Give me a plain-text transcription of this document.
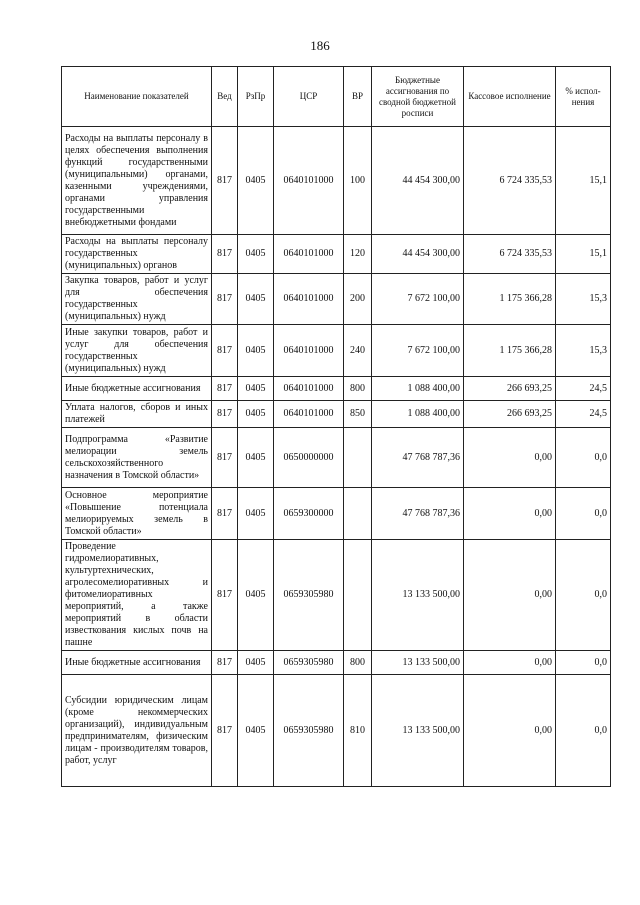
186
Наименование показателей	Вед	РзПр	ЦСР	ВР	Бюджетные ассигнования по сводной бюджетной росписи	Кассовое исполнение	% испол-нения
Расходы на выплаты персоналу в целях обеспечения выполнения функций государственными (муниципальными) органами, казенными учреждениями, органами управления государственными внебюджетными фондами	817	0405	0640101000	100	44 454 300,00	6 724 335,53	15,1
Расходы на выплаты персоналу государственных (муниципальных) органов	817	0405	0640101000	120	44 454 300,00	6 724 335,53	15,1
Закупка товаров, работ и услуг для обеспечения государственных (муниципальных) нужд	817	0405	0640101000	200	7 672 100,00	1 175 366,28	15,3
Иные закупки товаров, работ и услуг для обеспечения государственных (муниципальных) нужд	817	0405	0640101000	240	7 672 100,00	1 175 366,28	15,3
Иные бюджетные ассигнования	817	0405	0640101000	800	1 088 400,00	266 693,25	24,5
Уплата налогов, сборов и иных платежей	817	0405	0640101000	850	1 088 400,00	266 693,25	24,5
Подпрограмма «Развитие мелиорации земель сельскохозяйственного назначения в Томской области»	817	0405	0650000000		47 768 787,36	0,00	0,0
Основное мероприятие «Повышение потенциала мелиорируемых земель в Томской области»	817	0405	0659300000		47 768 787,36	0,00	0,0
Проведение гидромелиоративных, культуртехнических, агролесомелиоративных и фитомелиоративных мероприятий, а также мероприятий в области известкования кислых почв на пашне	817	0405	0659305980		13 133 500,00	0,00	0,0
Иные бюджетные ассигнования	817	0405	0659305980	800	13 133 500,00	0,00	0,0
Субсидии юридическим лицам (кроме некоммерческих организаций), индивидуальным предпринимателям, физическим лицам - производителям товаров, работ, услуг	817	0405	0659305980	810	13 133 500,00	0,00	0,0
